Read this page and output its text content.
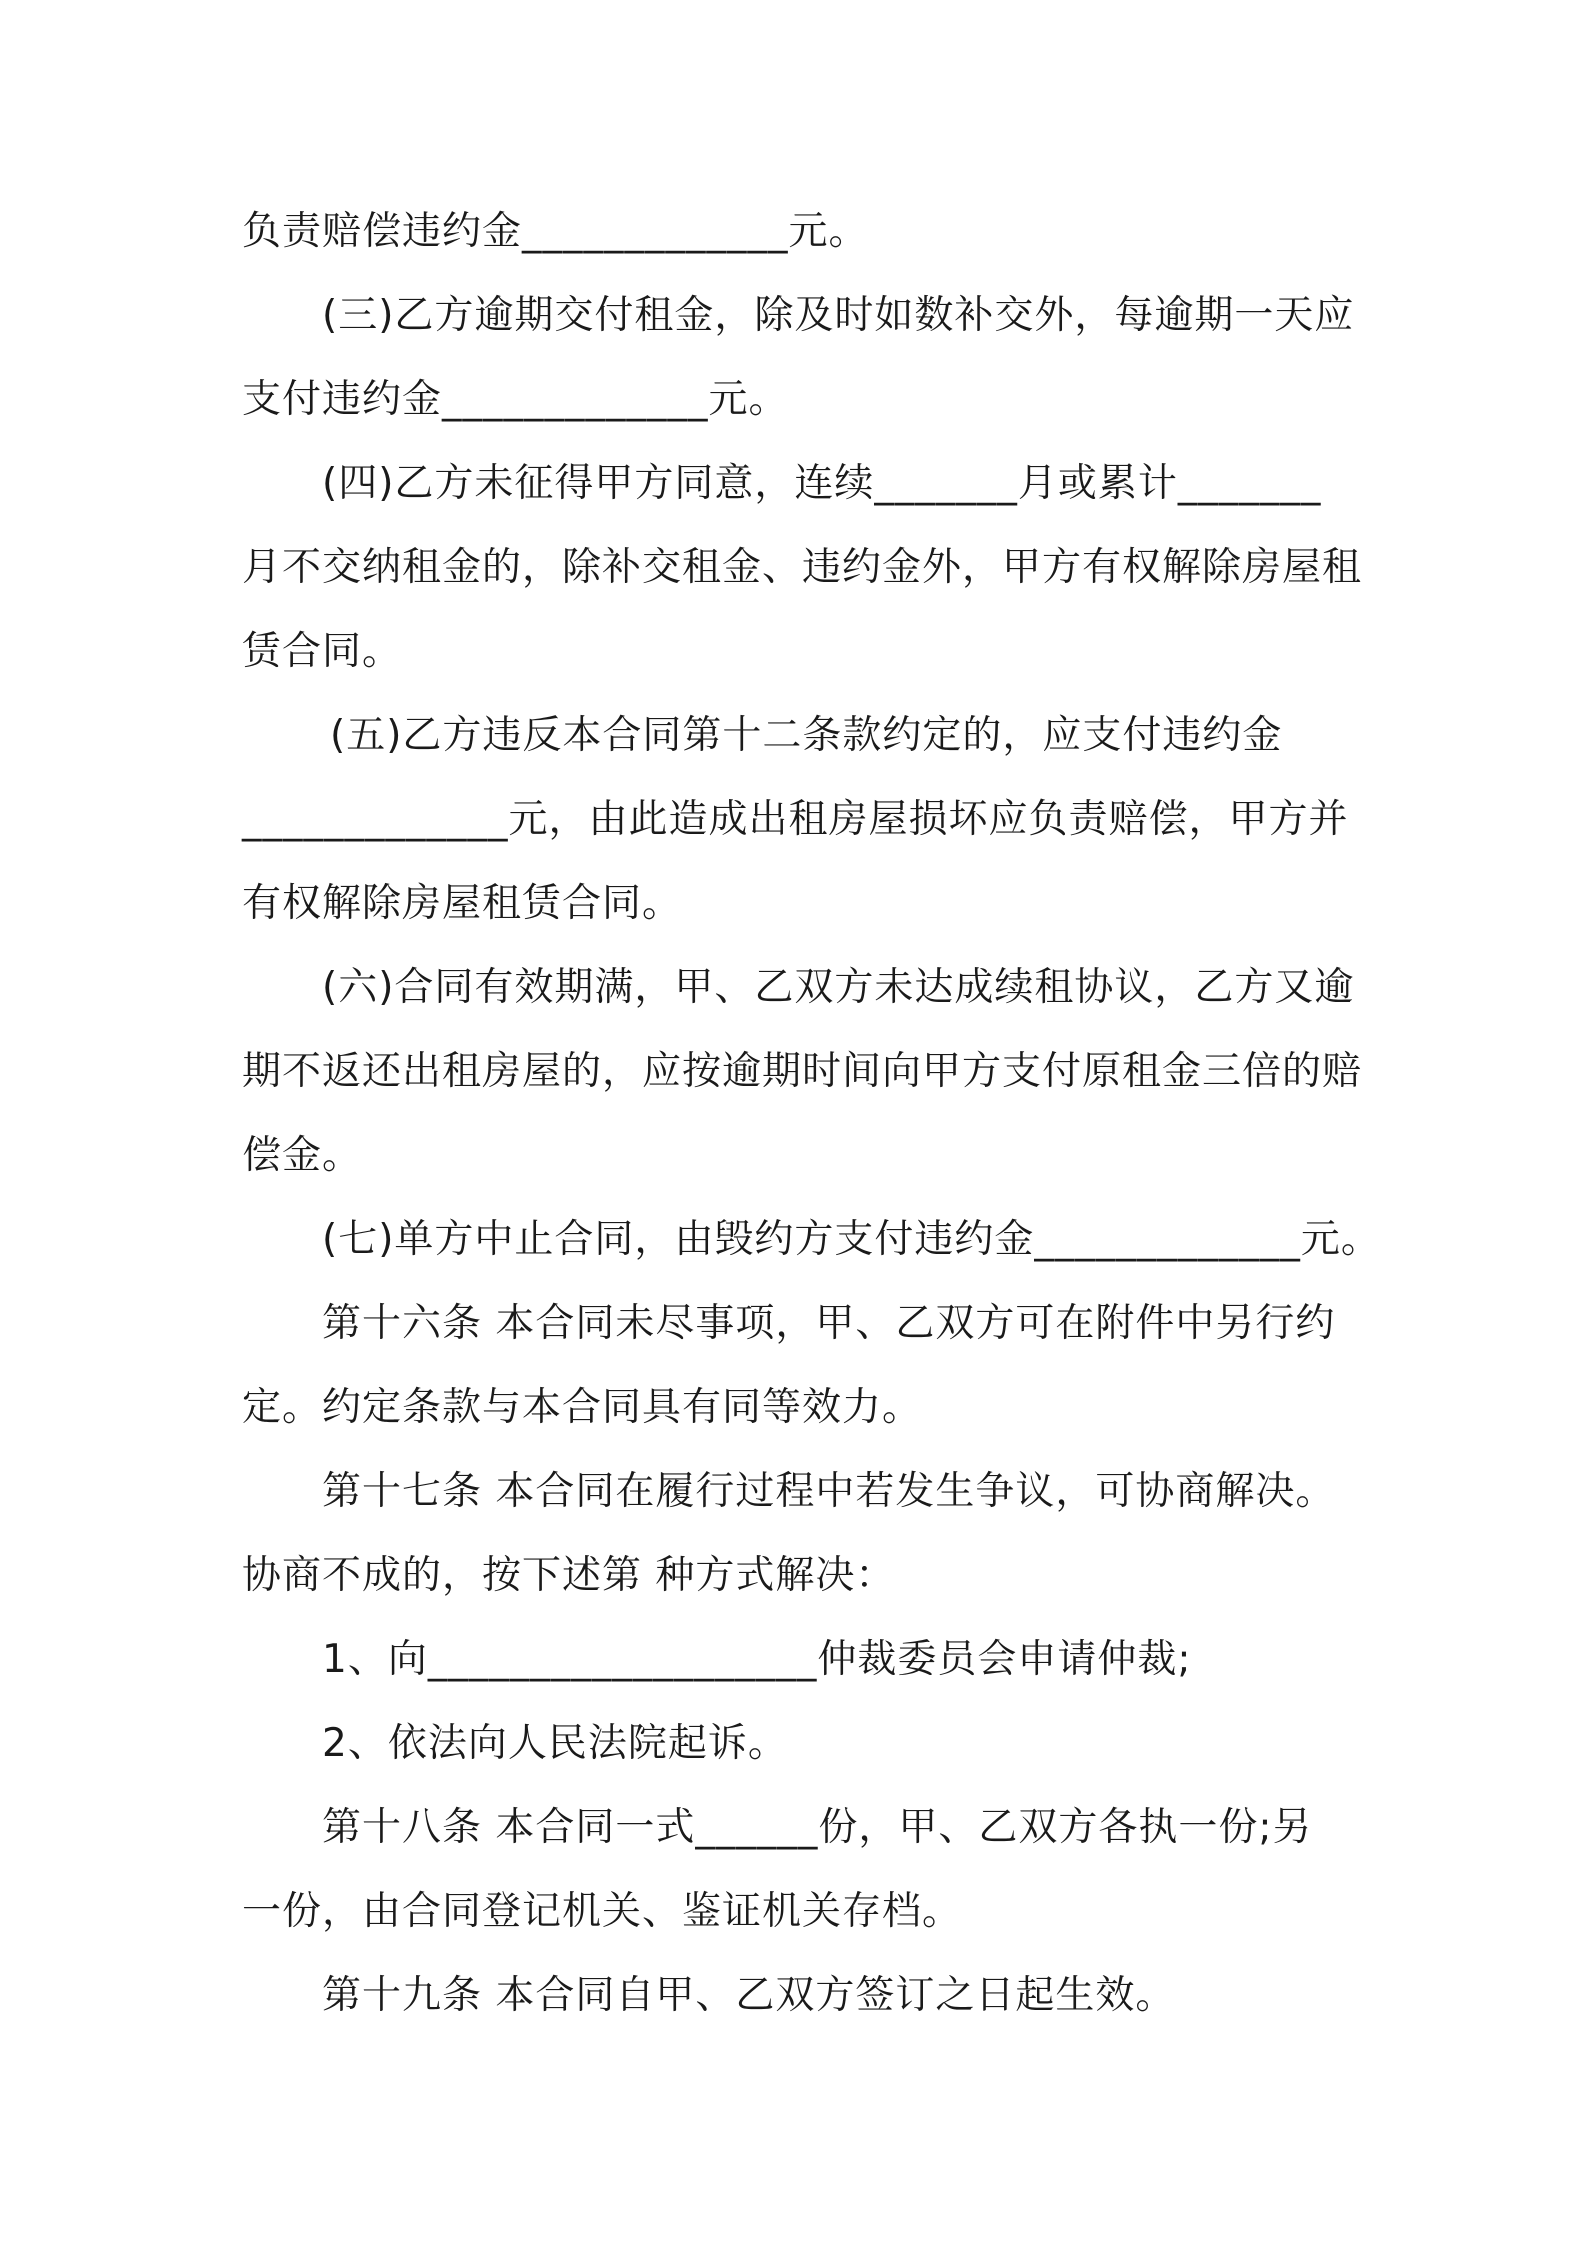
负责赔偿违约金_____________元。
(三)乙方逾期交付租金，除及时如数补交外，每逾期一天应
支付违约金_____________元。
(四)乙方未征得甲方同意，连续_______月或累计_______
月不交纳租金的，除补交租金、违约金外，甲方有权解除房屋租
赁合同。
(五)乙方违反本合同第十二条款约定的，应支付违约金
_____________元，由此造成出租房屋损坏应负责赔偿，甲方并
有权解除房屋租赁合同。
(六)合同有效期满，甲、乙双方未达成续租协议，乙方又逾
期不返还出租房屋的，应按逾期时间向甲方支付原租金三倍的赔
偿金。
(七)单方中止合同，由毁约方支付违约金_____________元。
第十六条 本合同未尽事项，甲、乙双方可在附件中另行约
定。约定条款与本合同具有同等效力。
第十七条 本合同在履行过程中若发生争议，可协商解决。
协商不成的，按下述第 种方式解决：
1、向___________________仲裁委员会申请仲裁;
2、依法向人民法院起诉。
第十八条 本合同一式______份，甲、乙双方各执一份;另
一份，由合同登记机关、鉴证机关存档。
第十九条 本合同自甲、乙双方签订之日起生效。
